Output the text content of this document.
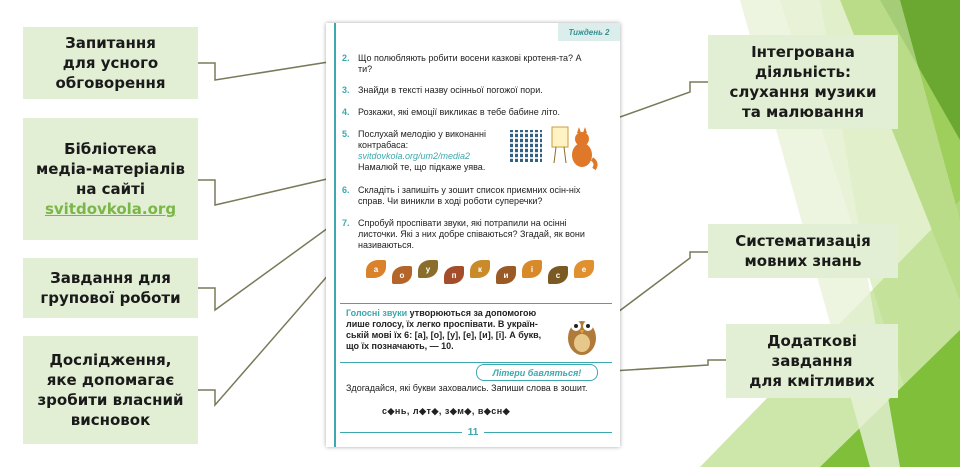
Запитання
для усного
обговорення
Бібліотека
медіа-матеріалів
на сайті
svitdovkola.org
Завдання для
групової роботи
Дослідження,
яке допомагає
зробити власний
висновок
Інтегрована
діяльність:
слухання музики
та малювання
Систематизація
мовних знань
Додаткові
завдання
для кмітливих
Тиждень 2
2. Що полюбляють робити восени казкові кротеня-та? А ти?
3. Знайди в тексті назву осінньої погожої пори.
4. Розкажи, які емоції викликає в тебе бабине літо.
5. Послухай мелодію у виконанні контрабаса:
svitdovkola.org/um2/media2
Намалюй те, що підкаже уява.
6. Складіть і запишіть у зошит список приємних осін-ніх справ. Чи виникли в ході роботи суперечки?
7. Спробуй проспівати звуки, які потрапили на осінні листочки. Які з них добре співаються? Згадай, як вони називаються.
а
о
у
п
к
и
і
с
е
Голосні звуки утворюються за допомогою лише голосу, їх легко проспівати. В україн-ській мові їх 6: [а], [о], [у], [е], [и], [і]. А букв, що їх позначають, — 10.
Літери бавляться!
Здогадайся, які букви заховались. Запиши слова в зошит.
с◆нь, л◆т◆, з◆м◆, в◆сн◆
11
